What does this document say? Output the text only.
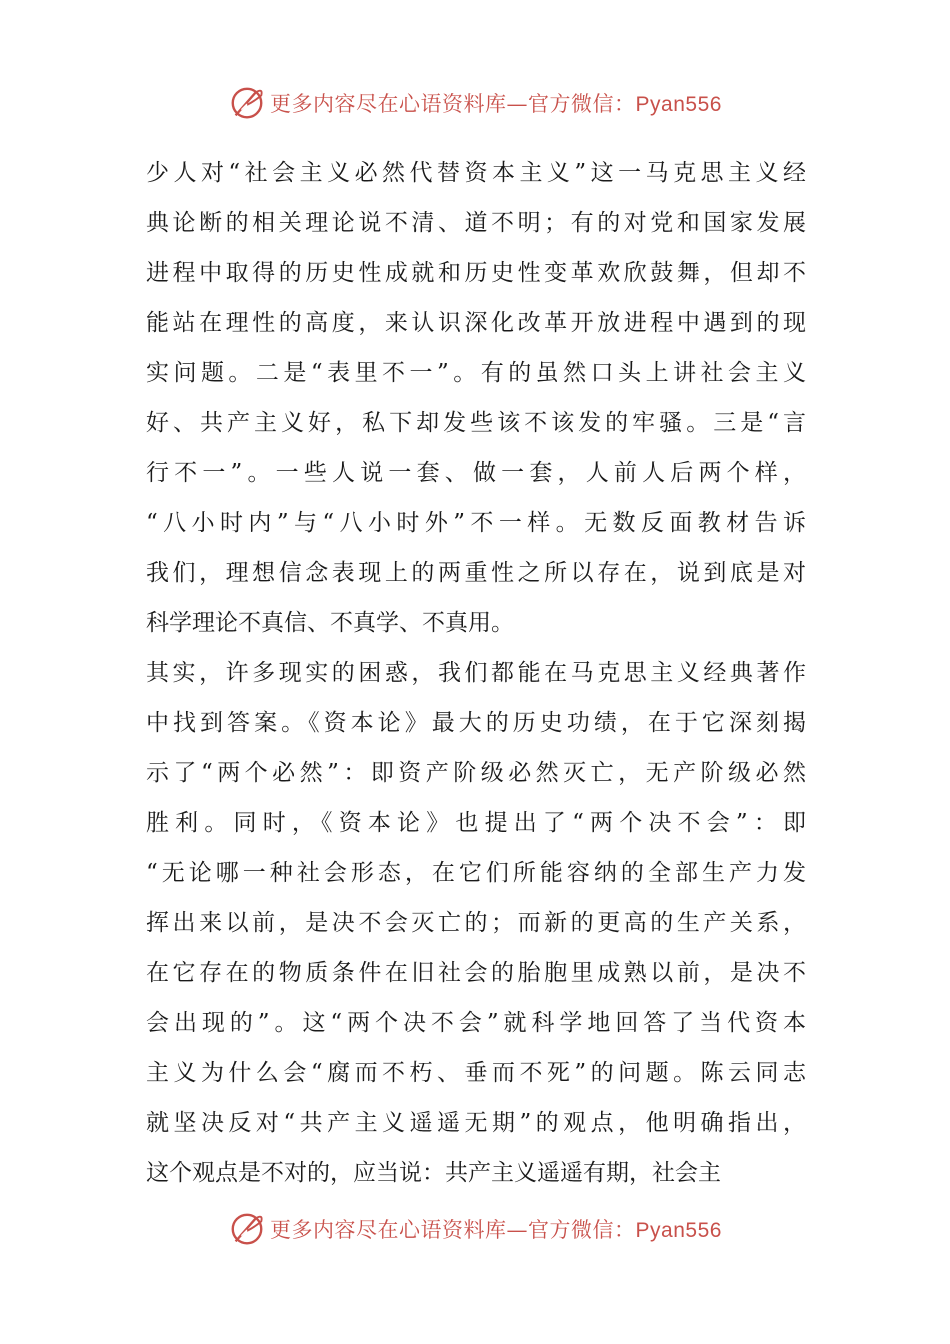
更多内容尽在心语资料库—官方微信：Pyan556
少人对“社会主义必然代替资本主义”这一马克思主义经
典论断的相关理论说不清、道不明；有的对党和国家发展
进程中取得的历史性成就和历史性变革欢欣鼓舞，但却不
能站在理性的高度，来认识深化改革开放进程中遇到的现
实问题。二是“表里不一”。有的虽然口头上讲社会主义
好、共产主义好，私下却发些该不该发的牢骚。三是“言
行不一”。一些人说一套、做一套，人前人后两个样，
“八小时内”与“八小时外”不一样。无数反面教材告诉
我们，理想信念表现上的两重性之所以存在，说到底是对
科学理论不真信、不真学、不真用。
其实，许多现实的困惑，我们都能在马克思主义经典著作
中找到答案。《资本论》最大的历史功绩，在于它深刻揭
示了“两个必然”：即资产阶级必然灭亡，无产阶级必然
胜利。同时，《资本论》也提出了“两个决不会”：即
“无论哪一种社会形态，在它们所能容纳的全部生产力发
挥出来以前，是决不会灭亡的；而新的更高的生产关系，
在它存在的物质条件在旧社会的胎胞里成熟以前，是决不
会出现的”。这“两个决不会”就科学地回答了当代资本
主义为什么会“腐而不朽、垂而不死”的问题。陈云同志
就坚决反对“共产主义遥遥无期”的观点，他明确指出，
这个观点是不对的，应当说：共产主义遥遥有期，社会主
更多内容尽在心语资料库—官方微信：Pyan556
